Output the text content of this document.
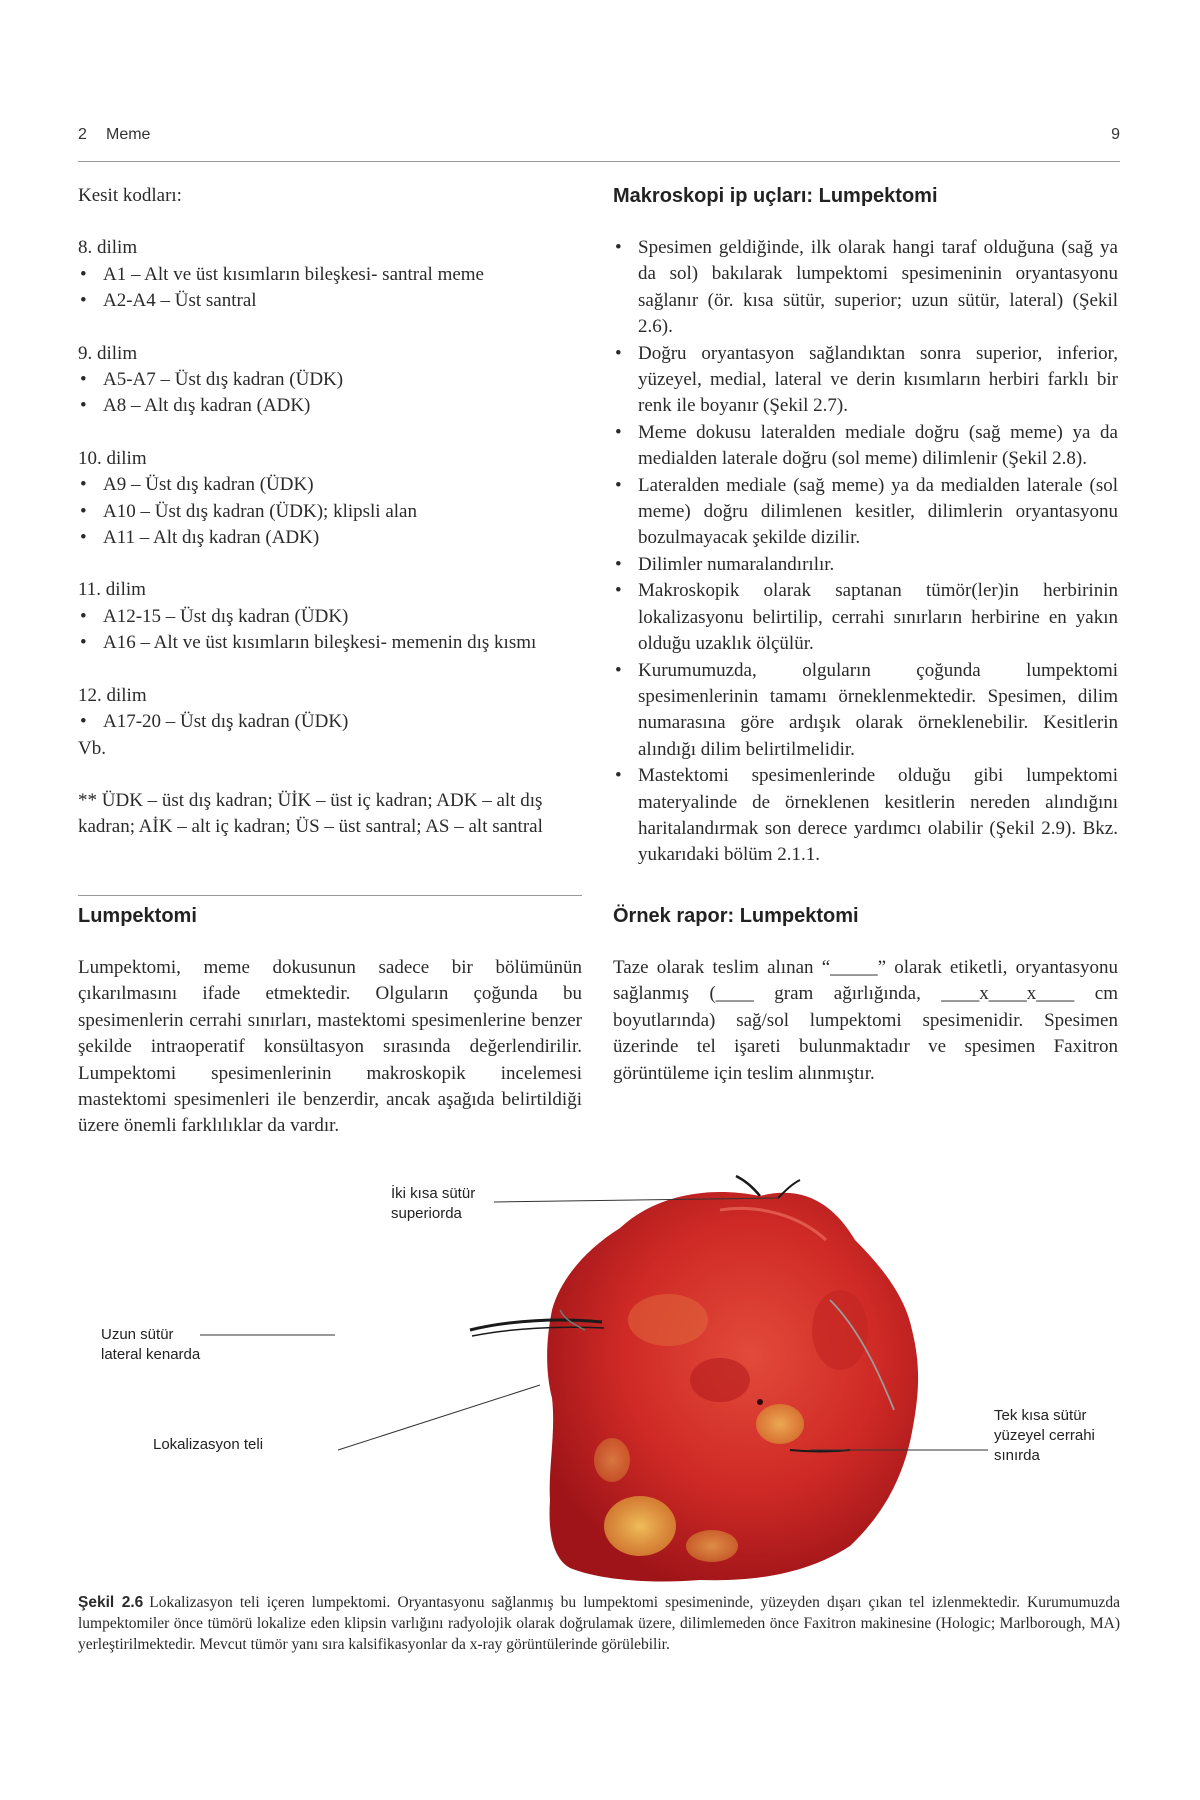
2 Meme	9

Kesit kodları:

8. dilim

• A1 – Alt ve üst kısımların bileşkesi- santral meme
• A2-A4 – Üst santral

9. dilim

• A5-A7 – Üst dış kadran (ÜDK)
• A8 – Alt dış kadran (ADK)

10. dilim

• A9 – Üst dış kadran (ÜDK)
• A10 – Üst dış kadran (ÜDK); klipsli alan
• A11 – Alt dış kadran (ADK)

11. dilim

• A12-15 – Üst dış kadran (ÜDK)
• A16 – Alt ve üst kısımların bileşkesi- memenin dış kısmı

12. dilim

• A17-20 – Üst dış kadran (ÜDK)

Vb.

** ÜDK – üst dış kadran; ÜİK – üst iç kadran; ADK – alt dış kadran; AİK – alt iç kadran; ÜS – üst santral; AS – alt santral

Lumpektomi

Lumpektomi, meme dokusunun sadece bir bölümünün çıkarılmasını ifade etmektedir. Olguların çoğunda bu spesimenlerin cerrahi sınırları, mastektomi spesimenlerine benzer şekilde intraoperatif konsültasyon sırasında değerlendirilir. Lumpektomi spesimenlerinin makroskopik incelemesi mastektomi spesimenleri ile benzerdir, ancak aşağıda belirtildiği üzere önemli farklılıklar da vardır.

Makroskopi ip uçları: Lumpektomi
• Spesimen geldiğinde, ilk olarak hangi taraf olduğuna (sağ ya da sol) bakılarak lumpektomi spesimeninin oryantasyonu sağlanır (ör. kısa sütür, superior; uzun sütür, lateral) (Şekil 2.6).
• Doğru oryantasyon sağlandıktan sonra superior, inferior, yüzeyel, medial, lateral ve derin kısımların herbiri farklı bir renk ile boyanır (Şekil 2.7).
• Meme dokusu lateralden mediale doğru (sağ meme) ya da medialden laterale doğru (sol meme) dilimlenir (Şekil 2.8).
• Lateralden mediale (sağ meme) ya da medialden laterale (sol meme) doğru dilimlenen kesitler, dilimlerin oryantasyonu bozulmayacak şekilde dizilir.
• Dilimler numaralandırılır.
• Makroskopik olarak saptanan tümör(ler)in herbirinin lokalizasyonu belirtilip, cerrahi sınırların herbirine en yakın olduğu uzaklık ölçülür.
• Kurumumuzda, olguların çoğunda lumpektomi spesimenlerinin tamamı örneklenmektedir. Spesimen, dilim numarasına göre ardışık olarak örneklenebilir. Kesitlerin alındığı dilim belirtilmelidir.
• Mastektomi spesimenlerinde olduğu gibi lumpektomi materyalinde de örneklenen kesitlerin nereden alındığını haritalandırmak son derece yardımcı olabilir (Şekil 2.9). Bkz. yukarıdaki bölüm 2.1.1.
Örnek rapor: Lumpektomi

Taze olarak teslim alınan “_____” olarak etiketli, oryantasyonu sağlanmış (____ gram ağırlığında, ____x____x____ cm boyutlarında) sağ/sol lumpektomi spesimenidir. Spesimen üzerinde tel işareti bulunmaktadır ve spesimen Faxitron görüntüleme için teslim alınmıştır.

İki kısa sütür
superiorda
Uzun sütür
lateral kenarda
Lokalizasyon teli
Tek kısa sütür
yüzeyel cerrahi
sınırda
Şekil 2.6 Lokalizasyon teli içeren lumpektomi. Oryantasyonu sağlanmış bu lumpektomi spesimeninde, yüzeyden dışarı çıkan tel izlenmektedir. Kurumumuzda lumpektomiler önce tümörü lokalize eden klipsin varlığını radyolojik olarak doğrulamak üzere, dilimlemeden önce Faxitron makinesine (Hologic; Marlborough, MA) yerleştirilmektedir. Mevcut tümör yanı sıra kalsifikasyonlar da x-ray görüntülerinde görülebilir.
